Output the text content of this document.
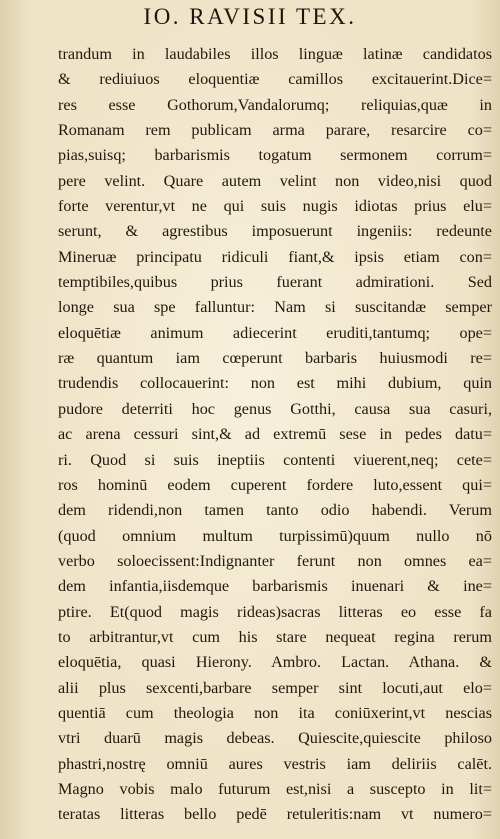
IO. RAVISII TEX.
trandum in laudabiles illos linguæ latinæ candidatos
& rediuiuos eloquentiæ camillos excitauerint.Dice=
res esse Gothorum,Vandalorumq; reliquias,quæ in
Romanam rem publicam arma parare, resarcire co=
pias,suisq; barbarismis togatum sermonem corrum=
pere velint. Quare autem velint non video,nisi quod
forte verentur,vt ne qui suis nugis idiotas prius elu=
serunt, & agrestibus imposuerunt ingeniis: redeunte
Mineruæ principatu ridiculi fiant,& ipsis etiam con=
temptibiles,quibus prius fuerant admirationi. Sed
longe sua spe falluntur: Nam si suscitandæ semper
eloquētiæ animum adiecerint eruditi,tantumq; ope=
ræ quantum iam cœperunt barbaris huiusmodi re=
trudendis collocauerint: non est mihi dubium, quin
pudore deterriti hoc genus Gotthi, causa sua casuri,
ac arena cessuri sint,& ad extremū sese in pedes datu=
ri. Quod si suis ineptiis contenti viuerent,neq; cete=
ros hominū eodem cuperent fordere luto,essent qui=
dem ridendi,non tamen tanto odio habendi. Verum
(quod omnium multum turpissimū)quum nullo nō
verbo soloecissent:Indignanter ferunt non omnes ea=
dem infantia,iisdemque barbarismis inuenari & ine=
ptire. Et(quod magis rideas)sacras litteras eo esse fa
to arbitrantur,vt cum his stare nequeat regina rerum
eloquētia, quasi Hierony. Ambro. Lactan. Athana. &
alii plus sexcenti,barbare semper sint locuti,aut elo=
quentiā cum theologia non ita coniūxerint,vt nescias
vtri duarū magis debeas. Quiescite,quiescite philoso
phastri,nostrę omniū aures vestris iam deliriis calēt.
Magno vobis malo futurum est,nisi a suscepto in lit=
teratas litteras bello pedē retuleritis:nam vt numero=
